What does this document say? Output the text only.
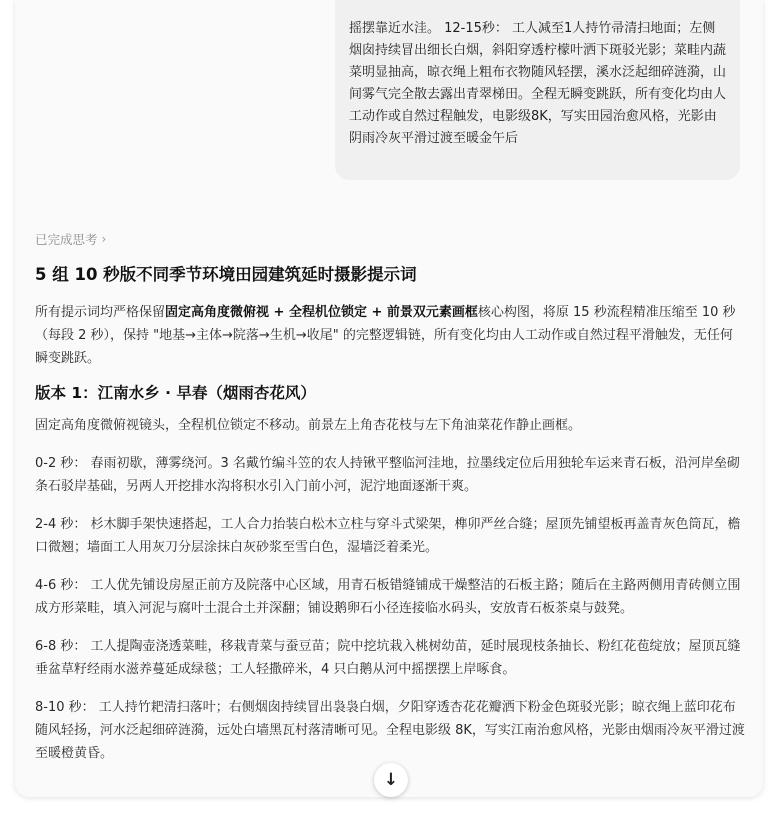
摇摆靠近水洼。 12-15秒： 工人减至1人持竹帚清扫地面；左侧烟囱持续冒出细长白烟，斜阳穿透柠檬叶洒下斑驳光影；菜畦内蔬菜明显抽高，晾衣绳上粗布衣物随风轻摆，溪水泛起细碎涟漪，山间雾气完全散去露出青翠梯田。全程无瞬变跳跃，所有变化均由人工动作或自然过程触发，电影级8K，写实田园治愈风格，光影由阴雨冷灰平滑过渡至暖金午后
已完成思考 ›
5 组 10 秒版不同季节环境田园建筑延时摄影提示词

所有提示词均严格保留固定高角度微俯视 + 全程机位锁定 + 前景双元素画框核心构图，将原 15 秒流程精准压缩至 10 秒（每段 2 秒），保持 "地基→主体→院落→生机→收尾" 的完整逻辑链，所有变化均由人工动作或自然过程平滑触发，无任何瞬变跳跃。

版本 1：江南水乡 · 早春（烟雨杏花风）

固定高角度微俯视镜头，全程机位锁定不移动。前景左上角杏花枝与左下角油菜花作静止画框。

0-2 秒： 春雨初歇，薄雾绕河。3 名戴竹编斗笠的农人持锹平整临河洼地，拉墨线定位后用独轮车运来青石板，沿河岸垒砌条石驳岸基础，另两人开挖排水沟将积水引入门前小河，泥泞地面逐渐干爽。

2-4 秒： 杉木脚手架快速搭起，工人合力抬装白松木立柱与穿斗式梁架，榫卯严丝合缝；屋顶先铺望板再盖青灰色筒瓦，檐口微翘；墙面工人用灰刀分层涂抹白灰砂浆至雪白色，湿墙泛着柔光。

4-6 秒： 工人优先铺设房屋正前方及院落中心区域，用青石板错缝铺成干燥整洁的石板主路；随后在主路两侧用青砖侧立围成方形菜畦，填入河泥与腐叶土混合土并深翻；铺设鹅卵石小径连接临水码头，安放青石板茶桌与鼓凳。

6-8 秒： 工人提陶壶浇透菜畦，移栽青菜与蚕豆苗；院中挖坑栽入桃树幼苗，延时展现枝条抽长、粉红花苞绽放；屋顶瓦缝垂盆草籽经雨水滋养蔓延成绿毯；工人轻撒碎米，4 只白鹅从河中摇摆摆上岸啄食。

8-10 秒： 工人持竹耙清扫落叶；右侧烟囱持续冒出袅袅白烟，夕阳穿透杏花花瓣洒下粉金色斑驳光影；晾衣绳上蓝印花布随风轻扬，河水泛起细碎涟漪，远处白墙黑瓦村落清晰可见。全程电影级 8K，写实江南治愈风格，光影由烟雨冷灰平滑过渡至暖橙黄昏。

↓
